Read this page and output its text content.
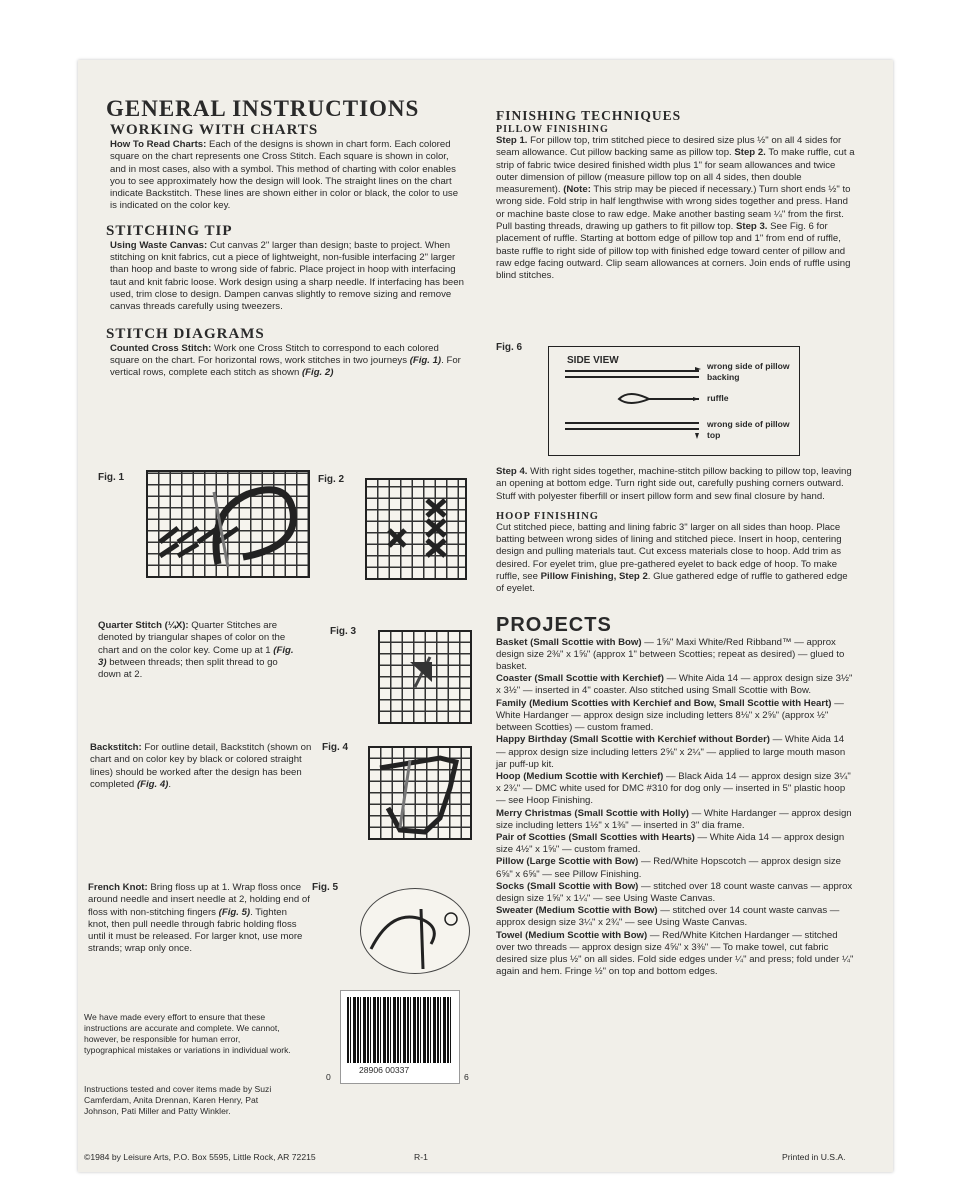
GENERAL INSTRUCTIONS
WORKING WITH CHARTS

How To Read Charts: Each of the designs is shown in chart form. Each colored square on the chart represents one Cross Stitch. Each square is shown in color, and in most cases, also with a symbol. This method of charting with color enables you to see approximately how the design will look. The straight lines on the chart indicate Backstitch. These lines are shown either in color or black, the color to use is indicated on the color key.

STITCHING TIP

Using Waste Canvas: Cut canvas 2" larger than design; baste to project. When stitching on knit fabrics, cut a piece of lightweight, non-fusible interfacing 2" larger than hoop and baste to wrong side of fabric. Place project in hoop with interfacing taut and knit fabric loose. Work design using a sharp needle. If interfacing has been used, trim close to design. Dampen canvas slightly to remove sizing and remove canvas threads carefully using tweezers.

STITCH DIAGRAMS

Counted Cross Stitch: Work one Cross Stitch to correspond to each colored square on the chart. For horizontal rows, work stitches in two journeys (Fig. 1). For vertical rows, complete each stitch as shown (Fig. 2)

Fig. 1	Fig. 2

Quarter Stitch (¼X): Quarter Stitches are denoted by triangular shapes of color on the chart and on the color key. Come up at 1 (Fig. 3) between threads; then split thread to go down at 2.

Fig. 3

Backstitch: For outline detail, Backstitch (shown on chart and on color key by black or colored straight lines) should be worked after the design has been completed (Fig. 4).

Fig. 4

French Knot: Bring floss up at 1. Wrap floss once around needle and insert needle at 2, holding end of floss with non-stitching fingers (Fig. 5). Tighten knot, then pull needle through fabric holding floss until it must be released. For larger knot, use more strands; wrap only once.

Fig. 5

We have made every effort to ensure that these instructions are accurate and complete. We cannot, however, be responsible for human error, typographical mistakes or variations in individual work.

Instructions tested and cover items made by Suzi Camferdam, Anita Drennan, Karen Henry, Pat Johnson, Pati Miller and Patty Winkler.

28906 00337
0	6
©1984 by Leisure Arts, P.O. Box 5595, Little Rock, AR 72215	R-1
FINISHING TECHNIQUES
PILLOW FINISHING

Step 1. For pillow top, trim stitched piece to desired size plus ½" on all 4 sides for seam allowance. Cut pillow backing same as pillow top. Step 2. To make ruffle, cut a strip of fabric twice desired finished width plus 1" for seam allowances and twice outer dimension of pillow (measure pillow top on all 4 sides, then double measurement). (Note: This strip may be pieced if necessary.) Turn short ends ½" to wrong side. Fold strip in half lengthwise with wrong sides together and press. Hand or machine baste close to raw edge. Make another basting seam ¼" from the first. Pull basting threads, drawing up gathers to fit pillow top. Step 3. See Fig. 6 for placement of ruffle. Starting at bottom edge of pillow top and 1" from end of ruffle, baste ruffle to right side of pillow top with finished edge toward center of pillow and raw edge facing outward. Clip seam allowances at corners. Join ends of ruffle using blind stitches.

Fig. 6
SIDE VIEW	wrong side of pillow backing
ruffle
wrong side of pillow top

Step 4. With right sides together, machine-stitch pillow backing to pillow top, leaving an opening at bottom edge. Turn right side out, carefully pushing corners outward. Stuff with polyester fiberfill or insert pillow form and sew final closure by hand.

HOOP FINISHING

Cut stitched piece, batting and lining fabric 3" larger on all sides than hoop. Place batting between wrong sides of lining and stitched piece. Insert in hoop, centering design and pulling materials taut. Cut excess materials close to hoop. Add trim as desired. For eyelet trim, glue pre-gathered eyelet to back edge of hoop. To make ruffle, see Pillow Finishing, Step 2. Glue gathered edge of ruffle to gathered edge of eyelet.

PROJECTS

Basket (Small Scottie with Bow) — 1⅝" Maxi White/Red Ribband™ — approx design size 2⅜" x 1⅝" (approx 1" between Scotties; repeat as desired) — glued to basket.

Coaster (Small Scottie with Kerchief) — White Aida 14 — approx design size 3½" x 3½" — inserted in 4" coaster. Also stitched using Small Scottie with Bow.

Family (Medium Scotties with Kerchief and Bow, Small Scottie with Heart) — White Hardanger — approx design size including letters 8⅛" x 2⅝" (approx ½" between Scotties) — custom framed.

Happy Birthday (Small Scottie with Kerchief without Border) — White Aida 14 — approx design size including letters 2⅝" x 2¼" — applied to large mouth mason jar puff-up kit.

Hoop (Medium Scottie with Kerchief) — Black Aida 14 — approx design size 3¼" x 2¾" — DMC white used for DMC #310 for dog only — inserted in 5" plastic hoop — see Hoop Finishing.

Merry Christmas (Small Scottie with Holly) — White Hardanger — approx design size including letters 1½" x 1⅜" — inserted in 3" dia frame.

Pair of Scotties (Small Scotties with Hearts) — White Aida 14 — approx design size 4½" x 1⅝" — custom framed.

Pillow (Large Scottie with Bow) — Red/White Hopscotch — approx design size 6⅝" x 6⅝" — see Pillow Finishing.

Socks (Small Scottie with Bow) — stitched over 18 count waste canvas — approx design size 1⅝" x 1¼" — see Using Waste Canvas.

Sweater (Medium Scottie with Bow) — stitched over 14 count waste canvas — approx design size 3¼" x 2¾" — see Using Waste Canvas.

Towel (Medium Scottie with Bow) — Red/White Kitchen Hardanger — stitched over two threads — approx design size 4⅝" x 3⅜" — To make towel, cut fabric desired size plus ½" on all sides. Fold side edges under ¼" and press; fold under ¼" again and hem. Fringe ½" on top and bottom edges.

Printed in U.S.A.
